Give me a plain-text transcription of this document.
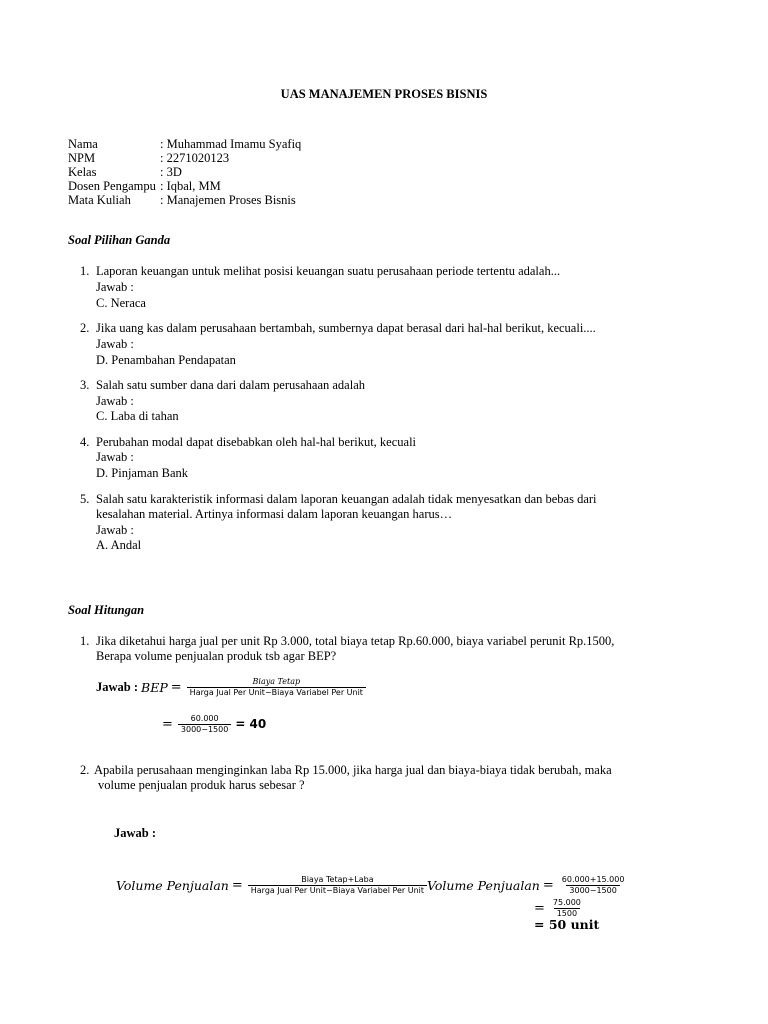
UAS MANAJEMEN PROSES BISNIS
Nama	: Muhammad Imamu Syafiq
NPM	: 2271020123
Kelas	: 3D
Dosen Pengampu : Iqbal, MM
Mata Kuliah	: Manajemen Proses Bisnis
Soal Pilihan Ganda
1. Laporan keuangan untuk melihat posisi keuangan suatu perusahaan periode tertentu adalah...
Jawab :
C. Neraca
2. Jika uang kas dalam perusahaan bertambah, sumbernya dapat berasal dari hal-hal berikut, kecuali....
Jawab :
D. Penambahan Pendapatan
3. Salah satu sumber dana dari dalam perusahaan adalah
Jawab :
C. Laba di tahan
4. Perubahan modal dapat disebabkan oleh hal-hal berikut, kecuali
Jawab :
D. Pinjaman Bank
5. Salah satu karakteristik informasi dalam laporan keuangan adalah tidak menyesatkan dan bebas dari
kesalahan material. Artinya informasi dalam laporan keuangan harus…
Jawab :
A. Andal
Soal Hitungan
1. Jika diketahui harga jual per unit Rp 3.000, total biaya tetap Rp.60.000, biaya variabel perunit Rp.1500,
Berapa volume penjualan produk tsb agar BEP?
Jawab : BEP = $\frac{\text{Biaya Tetap}}{\text{Harga Jual Per Unit−Biaya Variabel Per Unit}}$
= $\frac{60.000}{3000-1500} = 40$
2. Apabila perusahaan menginginkan laba Rp 15.000, jika harga jual dan biaya-biaya tidak berubah, maka
volume penjualan produk harus sebesar ?
Jawab :
Volume Penjualan = $\frac{\text{Biaya Tetap+Laba}}{\text{Harga Jual Per Unit−Biaya Variabel Per Unit}}$ Volume Penjualan = $\frac{60.000+15.000}{3000-1500}$
= $\frac{75.000}{1500}$
= 50 unit
